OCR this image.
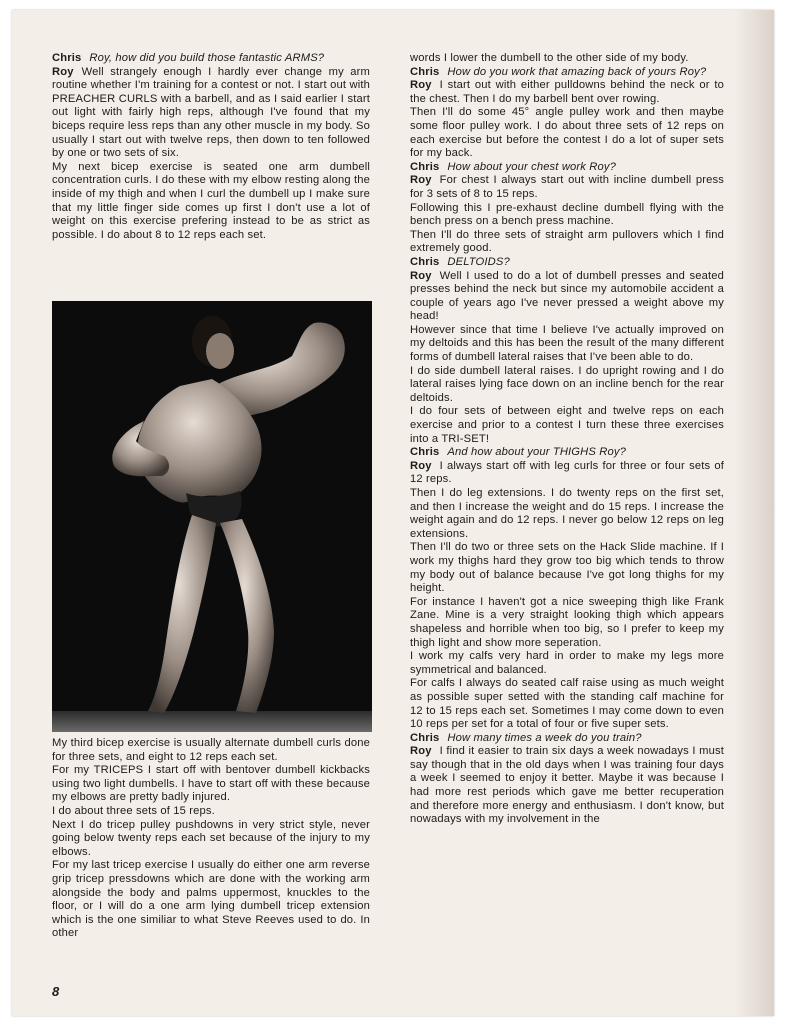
Chris Roy, how did you build those fantastic ARMS?

Roy Well strangely enough I hardly ever change my arm routine whether I'm training for a contest or not. I start out with PREACHER CURLS with a barbell, and as I said earlier I start out light with fairly high reps, although I've found that my biceps require less reps than any other muscle in my body. So usually I start out with twelve reps, then down to ten followed by one or two sets of six.

My next bicep exercise is seated one arm dumbell concentration curls. I do these with my elbow resting along the inside of my thigh and when I curl the dumbell up I make sure that my little finger side comes up first I don't use a lot of weight on this exercise prefering instead to be as strict as possible. I do about 8 to 12 reps each set.

My third bicep exercise is usually alternate dumbell curls done for three sets, and eight to 12 reps each set.

For my TRICEPS I start off with bentover dumbell kickbacks using two light dumbells. I have to start off with these because my elbows are pretty badly injured.

I do about three sets of 15 reps.

Next I do tricep pulley pushdowns in very strict style, never going below twenty reps each set because of the injury to my elbows.

For my last tricep exercise I usually do either one arm reverse grip tricep pressdowns which are done with the working arm alongside the body and palms uppermost, knuckles to the floor, or I will do a one arm lying dumbell tricep extension which is the one similiar to what Steve Reeves used to do. In other

words I lower the dumbell to the other side of my body.

Chris How do you work that amazing back of yours Roy?

Roy I start out with either pulldowns behind the neck or to the chest. Then I do my barbell bent over rowing.

Then I'll do some 45° angle pulley work and then maybe some floor pulley work. I do about three sets of 12 reps on each exercise but before the contest I do a lot of super sets for my back.

Chris How about your chest work Roy?

Roy For chest I always start out with incline dumbell press for 3 sets of 8 to 15 reps.

Following this I pre-exhaust decline dumbell flying with the bench press on a bench press machine.

Then I'll do three sets of straight arm pullovers which I find extremely good.

Chris DELTOIDS?

Roy Well I used to do a lot of dumbell presses and seated presses behind the neck but since my automobile accident a couple of years ago I've never pressed a weight above my head!

However since that time I believe I've actually improved on my deltoids and this has been the result of the many different forms of dumbell lateral raises that I've been able to do.

I do side dumbell lateral raises. I do upright rowing and I do lateral raises lying face down on an incline bench for the rear deltoids.

I do four sets of between eight and twelve reps on each exercise and prior to a contest I turn these three exercises into a TRI-SET!

Chris And how about your THIGHS Roy?

Roy I always start off with leg curls for three or four sets of 12 reps.

Then I do leg extensions. I do twenty reps on the first set, and then I increase the weight and do 15 reps. I increase the weight again and do 12 reps. I never go below 12 reps on leg extensions.

Then I'll do two or three sets on the Hack Slide machine. If I work my thighs hard they grow too big which tends to throw my body out of balance because I've got long thighs for my height.

For instance I haven't got a nice sweeping thigh like Frank Zane. Mine is a very straight looking thigh which appears shapeless and horrible when too big, so I prefer to keep my thigh light and show more seperation.

I work my calfs very hard in order to make my legs more symmetrical and balanced.

For calfs I always do seated calf raise using as much weight as possible super setted with the standing calf machine for 12 to 15 reps each set. Sometimes I may come down to even 10 reps per set for a total of four or five super sets.

Chris How many times a week do you train?

Roy I find it easier to train six days a week nowadays I must say though that in the old days when I was training four days a week I seemed to enjoy it better. Maybe it was because I had more rest periods which gave me better recuperation and therefore more energy and enthusiasm. I don't know, but nowadays with my involvement in the

8
